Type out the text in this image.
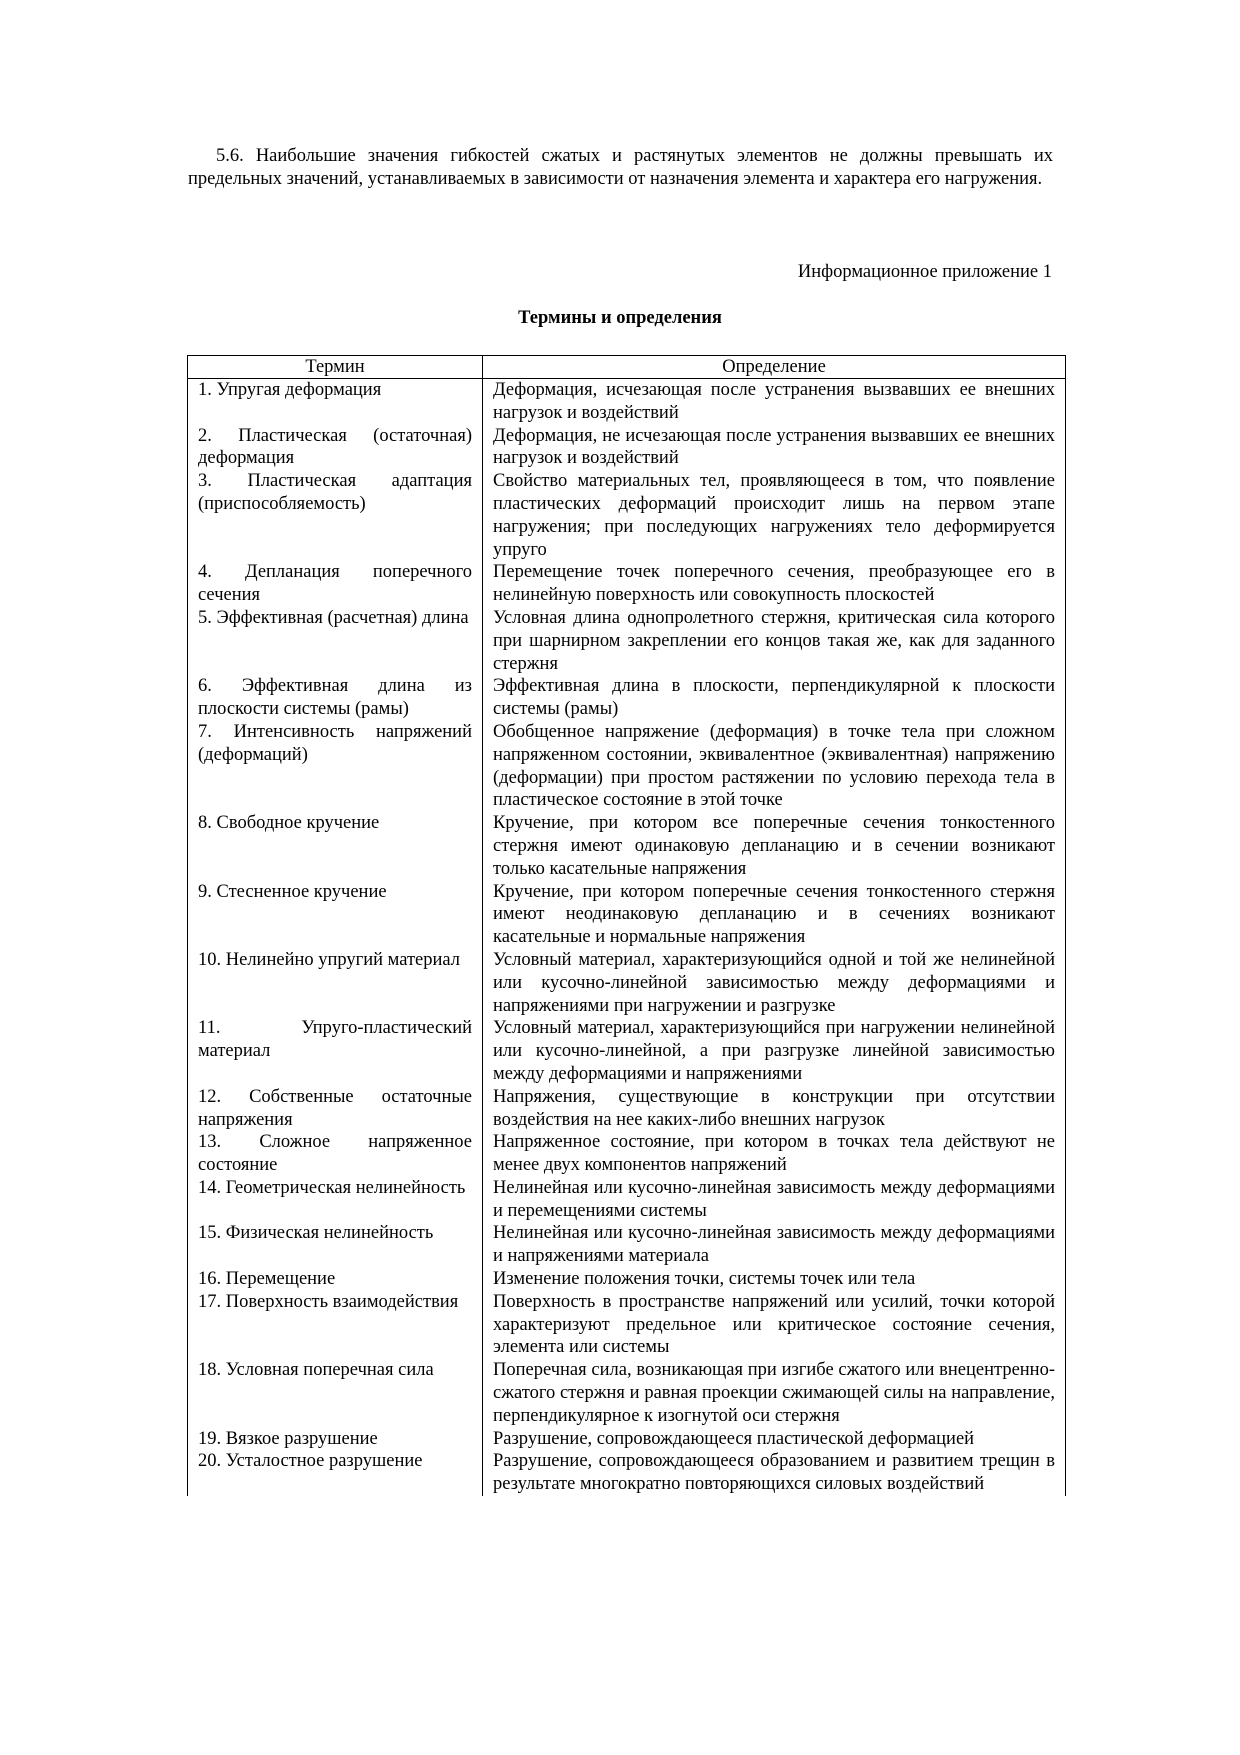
5.6. Наибольшие значения гибкостей сжатых и растянутых элементов не должны превышать их предельных значений, устанавливаемых в зависимости от назначения элемента и характера его нагружения.

Информационное приложение 1
Термины и определения
Термин	Определение
1. Упругая деформация	Деформация, исчезающая после устранения вызвавших ее внешних нагрузок и воздействий
2. Пластическая (остаточная) деформация	Деформация, не исчезающая после устранения вызвавших ее внешних нагрузок и воздействий
3. Пластическая адаптация (приспособляемость)	Свойство материальных тел, проявляющееся в том, что появление пластических деформаций происходит лишь на первом этапе нагружения; при последующих нагружениях тело деформируется упруго
4. Депланация поперечного сечения	Перемещение точек поперечного сечения, преобразующее его в нелинейную поверхность или совокупность плоскостей
5. Эффективная (расчетная) длина	Условная длина однопролетного стержня, критическая сила которого при шарнирном закреплении его концов такая же, как для заданного стержня
6. Эффективная длина из плоскости системы (рамы)	Эффективная длина в плоскости, перпендикулярной к плоскости системы (рамы)
7. Интенсивность напряжений (деформаций)	Обобщенное напряжение (деформация) в точке тела при сложном напряженном состоянии, эквивалентное (эквивалентная) напряжению (деформации) при простом растяжении по условию перехода тела в пластическое состояние в этой точке
8. Свободное кручение	Кручение, при котором все поперечные сечения тонкостенного стержня имеют одинаковую депланацию и в сечении возникают только касательные напряжения
9. Стесненное кручение	Кручение, при котором поперечные сечения тонкостенного стержня имеют неодинаковую депланацию и в сечениях возникают касательные и нормальные напряжения
10. Нелинейно упругий материал	Условный материал, характеризующийся одной и той же нелинейной или кусочно-линейной зависимостью между деформациями и напряжениями при нагружении и разгрузке
11. Упруго-пластический материал	Условный материал, характеризующийся при нагружении нелинейной или кусочно-линейной, а при разгрузке линейной зависимостью между деформациями и напряжениями
12. Собственные остаточные напряжения	Напряжения, существующие в конструкции при отсутствии воздействия на нее каких-либо внешних нагрузок
13. Сложное напряженное состояние	Напряженное состояние, при котором в точках тела действуют не менее двух компонентов напряжений
14. Геометрическая нелинейность	Нелинейная или кусочно-линейная зависимость между деформациями и перемещениями системы
15. Физическая нелинейность	Нелинейная или кусочно-линейная зависимость между деформациями и напряжениями материала
16. Перемещение	Изменение положения точки, системы точек или тела
17. Поверхность взаимодействия	Поверхность в пространстве напряжений или усилий, точки которой характеризуют предельное или критическое состояние сечения, элемента или системы
18. Условная поперечная сила	Поперечная сила, возникающая при изгибе сжатого или внецентренно-сжатого стержня и равная проекции сжимающей силы на направление, перпендикулярное к изогнутой оси стержня
19. Вязкое разрушение	Разрушение, сопровождающееся пластической деформацией
20. Усталостное разрушение	Разрушение, сопровождающееся образованием и развитием трещин в результате многократно повторяющихся силовых воздействий
